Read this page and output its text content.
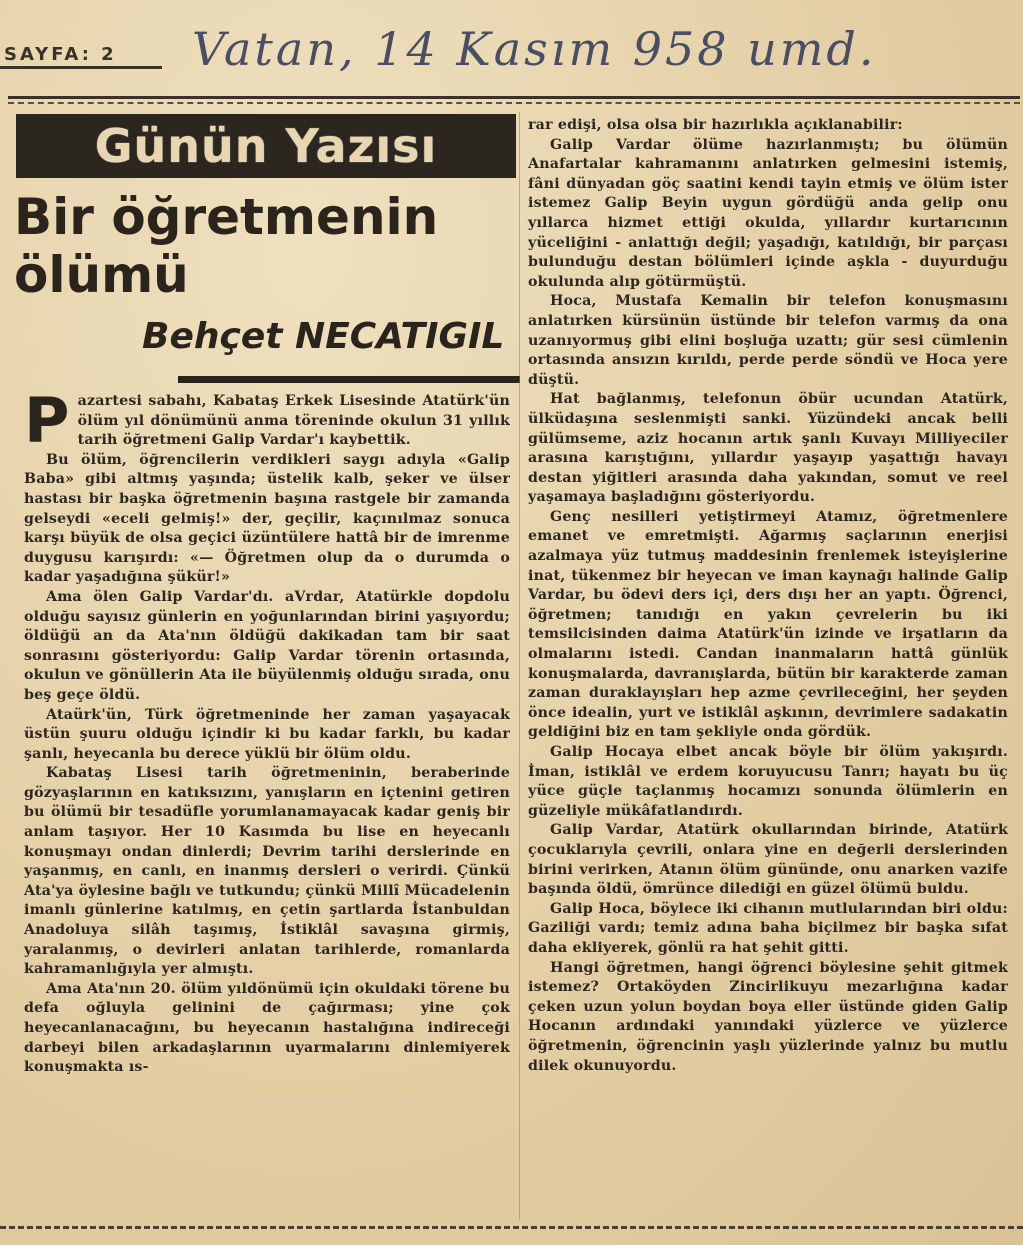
SAYFA: 2 Vatan, 14 Kasım 958 umd.
Günün Yazısı
Bir öğretmenin ölümü
Behçet NECATIGIL

Pazartesi sabahı, Kabataş Erkek Lisesinde Atatürk'ün ölüm yıl dönümünü anma töreninde okulun 31 yıllık tarih öğretmeni Galip Vardar'ı kaybettik.

Bu ölüm, öğrencilerin verdikleri saygı adıyla «Galip Baba» gibi altmış yaşında; üstelik kalb, şeker ve ülser hastası bir başka öğretmenin başına rastgele bir zamanda gelseydi «eceli gelmiş!» der, geçilir, kaçınılmaz sonuca karşı büyük de olsa geçici üzüntülere hattâ bir de imrenme duygusu karışırdı: «— Öğretmen olup da o durumda o kadar yaşadığına şükür!»

Ama ölen Galip Vardar'dı. aVrdar, Atatürkle dopdolu olduğu sayısız günlerin en yoğunlarından birini yaşıyordu; öldüğü an da Ata'nın öldüğü dakikadan tam bir saat sonrasını gösteriyordu: Galip Vardar törenin ortasında, okulun ve gönüllerin Ata ile büyülenmiş olduğu sırada, onu beş geçe öldü.

Ataürk'ün, Türk öğretmeninde her zaman yaşayacak üstün şuuru olduğu içindir ki bu kadar farklı, bu kadar şanlı, heyecanla bu derece yüklü bir ölüm oldu.

Kabataş Lisesi tarih öğretmeninin, beraberinde gözyaşlarının en katıksızını, yanışların en içtenini getiren bu ölümü bir tesadüfle yorumlanamayacak kadar geniş bir anlam taşıyor. Her 10 Kasımda bu lise en heyecanlı konuşmayı ondan dinlerdi; Devrim tarihi derslerinde en yaşanmış, en canlı, en inanmış dersleri o verirdi. Çünkü Ata'ya öylesine bağlı ve tutkundu; çünkü Millî Mücadelenin imanlı günlerine katılmış, en çetin şartlarda İstanbuldan Anadoluya silâh taşımış, İstiklâl savaşına girmiş, yaralanmış, o devirleri anlatan tarihlerde, romanlarda kahramanlığıyla yer almıştı.

Ama Ata'nın 20. ölüm yıldönümü için okuldaki törene bu defa oğluyla gelinini de çağırması; yine çok heyecanlanacağını, bu heyecanın hastalığına indireceği darbeyi bilen arkadaşlarının uyarmalarını dinlemiyerek konuşmakta ıs-

rar edişi, olsa olsa bir hazırlıkla açıklanabilir:

Galip Vardar ölüme hazırlanmıştı; bu ölümün Anafartalar kahramanını anlatırken gelmesini istemiş, fâni dünyadan göç saatini kendi tayin etmiş ve ölüm ister istemez Galip Beyin uygun gördüğü anda gelip onu yıllarca hizmet ettiği okulda, yıllardır kurtarıcının yüceliğini - anlattığı değil; yaşadığı, katıldığı, bir parçası bulunduğu destan bölümleri içinde aşkla - duyurduğu okulunda alıp götürmüştü.

Hoca, Mustafa Kemalin bir telefon konuşmasını anlatırken kürsünün üstünde bir telefon varmış da ona uzanıyormuş gibi elini boşluğa uzattı; gür sesi cümlenin ortasında ansızın kırıldı, perde perde söndü ve Hoca yere düştü.

Hat bağlanmış, telefonun öbür ucundan Atatürk, ülküdaşına seslenmişti sanki. Yüzündeki ancak belli gülümseme, aziz hocanın artık şanlı Kuvayı Milliyeciler arasına karıştığını, yıllardır yaşayıp yaşattığı havayı destan yiğitleri arasında daha yakından, somut ve reel yaşamaya başladığını gösteriyordu.

Genç nesilleri yetiştirmeyi Atamız, öğretmenlere emanet ve emretmişti. Ağarmış saçlarının enerjisi azalmaya yüz tutmuş maddesinin frenlemek isteyişlerine inat, tükenmez bir heyecan ve iman kaynağı halinde Galip Vardar, bu ödevi ders içi, ders dışı her an yaptı. Öğrenci, öğretmen; tanıdığı en yakın çevrelerin bu iki temsilcisinden daima Atatürk'ün izinde ve irşatların da olmalarını istedi. Candan inanmaların hattâ günlük konuşmalarda, davranışlarda, bütün bir karakterde zaman zaman duraklayışları hep azme çevrileceğini, her şeyden önce idealin, yurt ve istiklâl aşkının, devrimlere sadakatin geldiğini biz en tam şekliyle onda gördük.

Galip Hocaya elbet ancak böyle bir ölüm yakışırdı. İman, istiklâl ve erdem koruyucusu Tanrı; hayatı bu üç yüce güçle taçlanmış hocamızı sonunda ölümlerin en güzeliyle mükâfatlandırdı.

Galip Vardar, Atatürk okullarından birinde, Atatürk çocuklarıyla çevrili, onlara yine en değerli derslerinden birini verirken, Atanın ölüm gününde, onu anarken vazife başında öldü, ömrünce dilediği en güzel ölümü buldu.

Galip Hoca, böylece iki cihanın mutlularından biri oldu: Gaziliği vardı; temiz adına baha biçilmez bir başka sıfat daha ekliyerek, gönlü ra hat şehit gitti.

Hangi öğretmen, hangi öğrenci böylesine şehit gitmek istemez? Ortaköyden Zincirlikuyu mezarlığına kadar çeken uzun yolun boydan boya eller üstünde giden Galip Hocanın ardındaki yanındaki yüzlerce ve yüzlerce öğretmenin, öğrencinin yaşlı yüzlerinde yalnız bu mutlu dilek okunuyordu.
